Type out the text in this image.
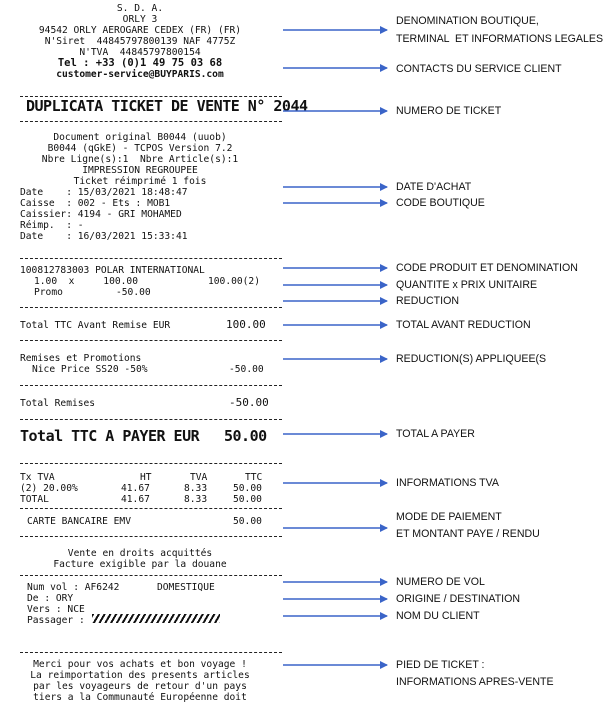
S. D. A.
ORLY 3
94542 ORLY AEROGARE CEDEX (FR) (FR)
N'Siret  44845797800139 NAF 4775Z
N'TVA  44845797800154
Tel : +33 (0)1 49 75 03 68
customer-service@BUYPARIS.com
DUPLICATA TICKET DE VENTE N° 2044
Document original B0044 (uuob)
B0044 (qGkE) - TCPOS Version 7.2
Nbre Ligne(s):1  Nbre Article(s):1
IMPRESSION REGROUPEE
Ticket réimprimé 1 fois
Date    : 15/03/2021 18:48:47
Caisse  : 002 - Ets : MOB1
Caissier: 4194 - GRI MOHAMED
Réimp.  : -
Date    : 16/03/2021 15:33:41
100812783003 POLAR INTERNATIONAL
1.00  x     100.00	100.00(2)
Promo	-50.00
Total TTC Avant Remise EUR	100.00
Remises et Promotions
Nice Price SS20 -50%	-50.00
Total Remises	-50.00
Total TTC A PAYER EUR 50.00
Tx TVA	HT	TVA	TTC
(2) 20.00%	41.67	8.33	50.00
TOTAL	41.67	8.33	50.00
CARTE BANCAIRE EMV	50.00
Vente en droits acquittés
Facture exigible par la douane
Num vol : AF6242	DOMESTIQUE
De : ORY
Vers : NCE
Passager :
Merci pour vos achats et bon voyage !
La reimportation des presents articles
par les voyageurs de retour d'un pays
tiers a la Communauté Européenne doit
DENOMINATION BOUTIQUE,
TERMINAL  ET INFORMATIONS LEGALES
CONTACTS DU SERVICE CLIENT
NUMERO DE TICKET
DATE D'ACHAT
CODE BOUTIQUE
CODE PRODUIT ET DENOMINATION
QUANTITE x PRIX UNITAIRE
REDUCTION
TOTAL AVANT REDUCTION
REDUCTION(S) APPLIQUEE(S
TOTAL A PAYER
INFORMATIONS TVA
MODE DE PAIEMENT
ET MONTANT PAYE / RENDU
NUMERO DE VOL
ORIGINE / DESTINATION
NOM DU CLIENT
PIED DE TICKET :
INFORMATIONS APRES-VENTE
